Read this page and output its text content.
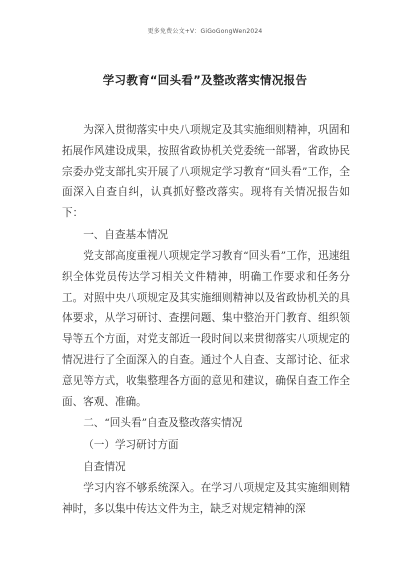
更多免费公文+V：GiGoGongWen2024
学习教育“回头看”及整改落实情况报告

为深入贯彻落实中央八项规定及其实施细则精神，巩固和拓展作风建设成果，按照省政协机关党委统一部署，省政协民宗委办党支部扎实开展了八项规定学习教育“回头看”工作，全面深入自查自纠，认真抓好整改落实。现将有关情况报告如下：

一、自查基本情况

党支部高度重视八项规定学习教育“回头看”工作，迅速组织全体党员传达学习相关文件精神，明确工作要求和任务分工。对照中央八项规定及其实施细则精神以及省政协机关的具体要求，从学习研讨、查摆问题、集中整治开门教育、组织领导等五个方面，对党支部近一段时间以来贯彻落实八项规定的情况进行了全面深入的自查。通过个人自查、支部讨论、征求意见等方式，收集整理各方面的意见和建议，确保自查工作全面、客观、准确。

二、“回头看”自查及整改落实情况

（一）学习研讨方面

自查情况

学习内容不够系统深入。在学习八项规定及其实施细则精神时，多以集中传达文件为主，缺乏对规定精神的深
